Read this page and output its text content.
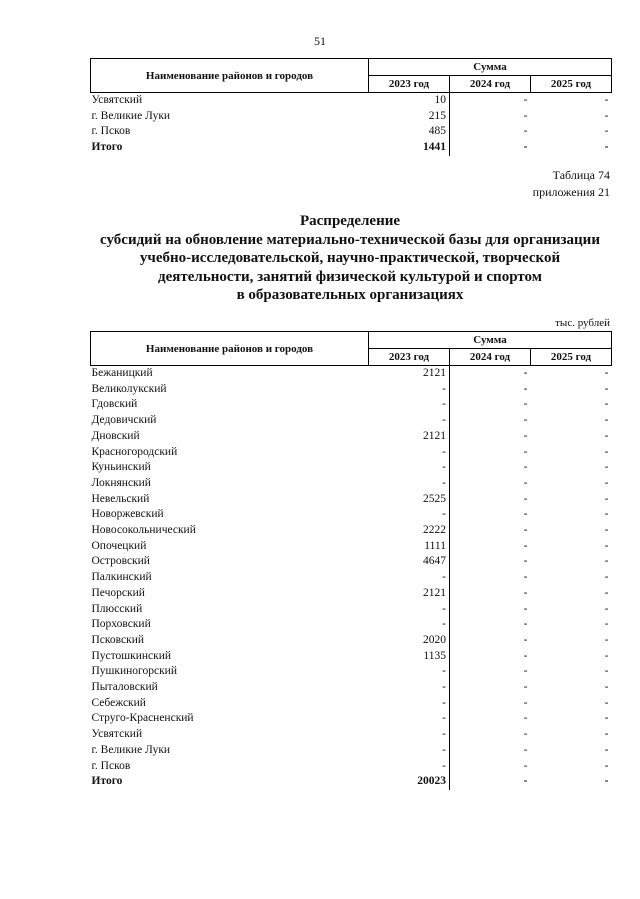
51
Наименование районов и городов	Сумма		
	2023 год	2024 год	2025 год
Усвятский	10	-	-
г. Великие Луки	215	-	-
г. Псков	485	-	-
Итого	1441	-	-
Таблица 74
приложения 21
Распределение
субсидий на обновление материально-технической базы для организации
учебно-исследовательской, научно-практической, творческой
деятельности, занятий физической культурой и спортом
в образовательных организациях
тыс. рублей
Наименование районов и городов	Сумма		
	2023 год	2024 год	2025 год
Бежаницкий	2121	-	-
Великолукский	-	-	-
Гдовский	-	-	-
Дедовичский	-	-	-
Дновский	2121	-	-
Красногородский	-	-	-
Куньинский	-	-	-
Локнянский	-	-	-
Невельский	2525	-	-
Новоржевский	-	-	-
Новосокольнический	2222	-	-
Опочецкий	1111	-	-
Островский	4647	-	-
Палкинский	-	-	-
Печорский	2121	-	-
Плюсский	-	-	-
Порховский	-	-	-
Псковский	2020	-	-
Пустошкинский	1135	-	-
Пушкиногорский	-	-	-
Пыталовский	-	-	-
Себежский	-	-	-
Струго-Красненский	-	-	-
Усвятский	-	-	-
г. Великие Луки	-	-	-
г. Псков	-	-	-
Итого	20023	-	-
